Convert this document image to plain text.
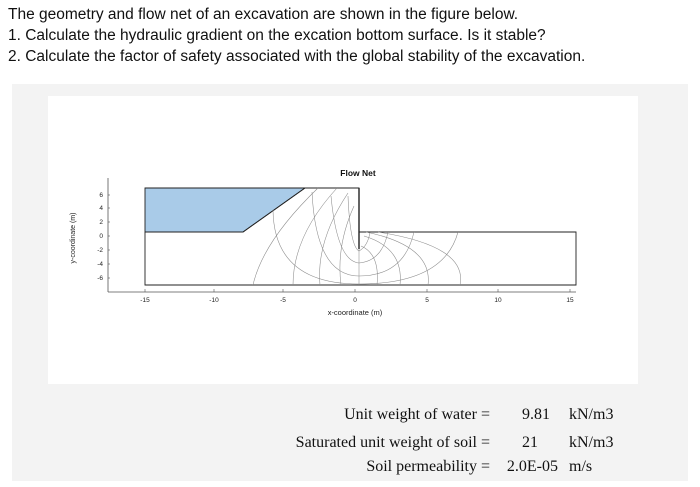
The geometry and flow net of an excavation are shown in the figure below.
1. Calculate the hydraulic gradient on the excation bottom surface. Is it stable?
2. Calculate the factor of safety associated with the global stability of the excavation.
Flow Net
6
4
2
0
-2
-4
-6
-15	-10	-5	0	5	10	15
x-coordinate (m)
y-coordinate (m)
Unit weight of water =	9.81 kN/m3
Saturated unit weight of soil =	21 kN/m3
Soil permeability =	2.0E-05 m/s
